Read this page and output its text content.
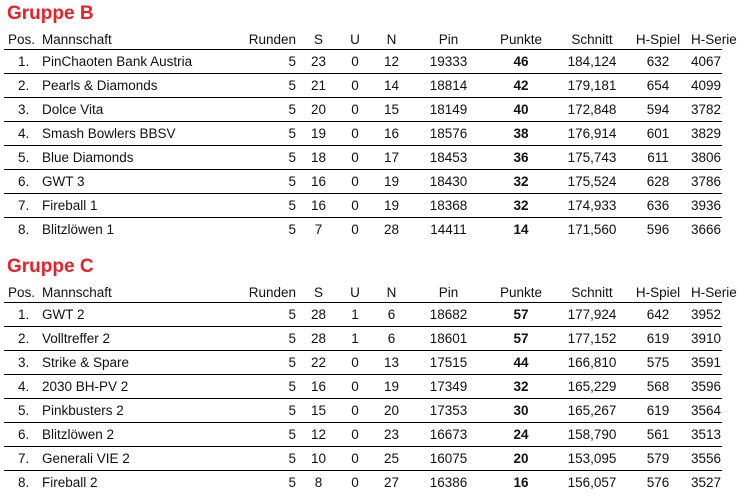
Gruppe B
Pos.	Mannschaft	Runden	S	U	N	Pin	Punkte	Schnitt	H-Spiel	H-Serie
1.	PinChaoten Bank Austria	5	23	0	12	19333	46	184,124	632	4067
2.	Pearls & Diamonds	5	21	0	14	18814	42	179,181	654	4099
3.	Dolce Vita	5	20	0	15	18149	40	172,848	594	3782
4.	Smash Bowlers BBSV	5	19	0	16	18576	38	176,914	601	3829
5.	Blue Diamonds	5	18	0	17	18453	36	175,743	611	3806
6.	GWT 3	5	16	0	19	18430	32	175,524	628	3786
7.	Fireball 1	5	16	0	19	18368	32	174,933	636	3936
8.	Blitzlöwen 1	5	7	0	28	14411	14	171,560	596	3666
Gruppe C
Pos.	Mannschaft	Runden	S	U	N	Pin	Punkte	Schnitt	H-Spiel	H-Serie
1.	GWT 2	5	28	1	6	18682	57	177,924	642	3952
2.	Volltreffer 2	5	28	1	6	18601	57	177,152	619	3910
3.	Strike & Spare	5	22	0	13	17515	44	166,810	575	3591
4.	2030 BH-PV 2	5	16	0	19	17349	32	165,229	568	3596
5.	Pinkbusters 2	5	15	0	20	17353	30	165,267	619	3564
6.	Blitzlöwen 2	5	12	0	23	16673	24	158,790	561	3513
7.	Generali VIE 2	5	10	0	25	16075	20	153,095	579	3556
8.	Fireball 2	5	8	0	27	16386	16	156,057	576	3527
